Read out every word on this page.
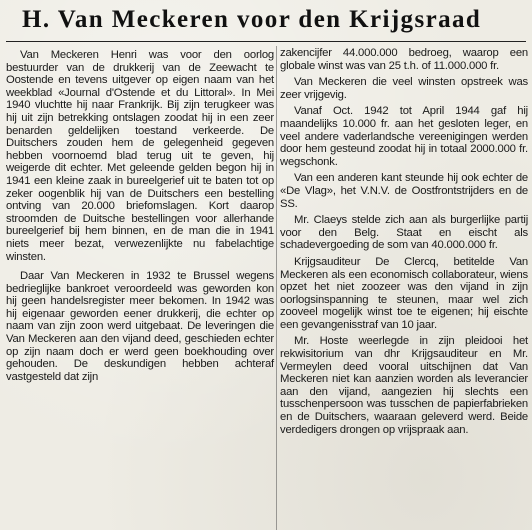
H. Van Meckeren voor den Krijgsraad

Van Meckeren Henri was voor den oorlog bestuurder van de drukkerij van de Zeewacht te Oostende en tevens uitgever op eigen naam van het weekblad «Journal d'Ostende et du Littoral». In Mei 1940 vluchtte hij naar Frankrijk. Bij zijn terugkeer was hij uit zijn betrekking ontslagen zoodat hij in een zeer benarden geldelijken toestand verkeerde. De Duitschers zouden hem de gelegenheid gegeven hebben voornoemd blad terug uit te geven, hij weigerde dit echter. Met geleende gelden begon hij in 1941 een kleine zaak in bureelgerief uit te baten tot op zeker oogenblik hij van de Duitschers een bestelling ontving van 20.000 briefomslagen. Kort daarop stroomden de Duitsche bestellingen voor allerhande bureelgerief bij hem binnen, en de man die in 1941 niets meer bezat, verwezenlijkte nu fabelachtige winsten.

Daar Van Meckeren in 1932 te Brussel wegens bedrieglijke bankroet veroordeeld was geworden kon hij geen handelsregister meer bekomen. In 1942 was hij eigenaar geworden eener drukkerij, die echter op naam van zijn zoon werd uitgebaat. De leveringen die Van Meckeren aan den vijand deed, geschieden echter op zijn naam doch er werd geen boekhouding over gehouden. De deskundigen hebben achteraf vastgesteld dat zijn

zakencijfer 44.000.000 bedroeg, waarop een globale winst was van 25 t.h. of 11.000.000 fr.

Van Meckeren die veel winsten opstreek was zeer vrijgevig.

Vanaf Oct. 1942 tot April 1944 gaf hij maandelijks 10.000 fr. aan het gesloten leger, en veel andere vaderlandsche vereenigingen werden door hem gesteund zoodat hij in totaal 2000.000 fr. wegschonk.

Van een anderen kant steunde hij ook echter de «De Vlag», het V.N.V. de Oostfrontstrijders en de SS.

Mr. Claeys stelde zich aan als burgerlijke partij voor den Belg. Staat en eischt als schadevergoeding de som van 40.000.000 fr.

Krijgsauditeur De Clercq, betitelde Van Meckeren als een economisch collaborateur, wiens opzet het niet zoozeer was den vijand in zijn oorlogsinspanning te steunen, maar wel zich zooveel mogelijk winst toe te eigenen; hij eischte een gevangenisstraf van 10 jaar.

Mr. Hoste weerlegde in zijn pleidooi het rekwisitorium van dhr Krijgsauditeur en Mr. Vermeylen deed vooral uitschijnen dat Van Meckeren niet kan aanzien worden als leverancier aan den vijand, aangezien hij slechts een tusschenpersoon was tusschen de papierfabrieken en de Duitschers, waaraan geleverd werd. Beide verdedigers drongen op vrijspraak aan.
